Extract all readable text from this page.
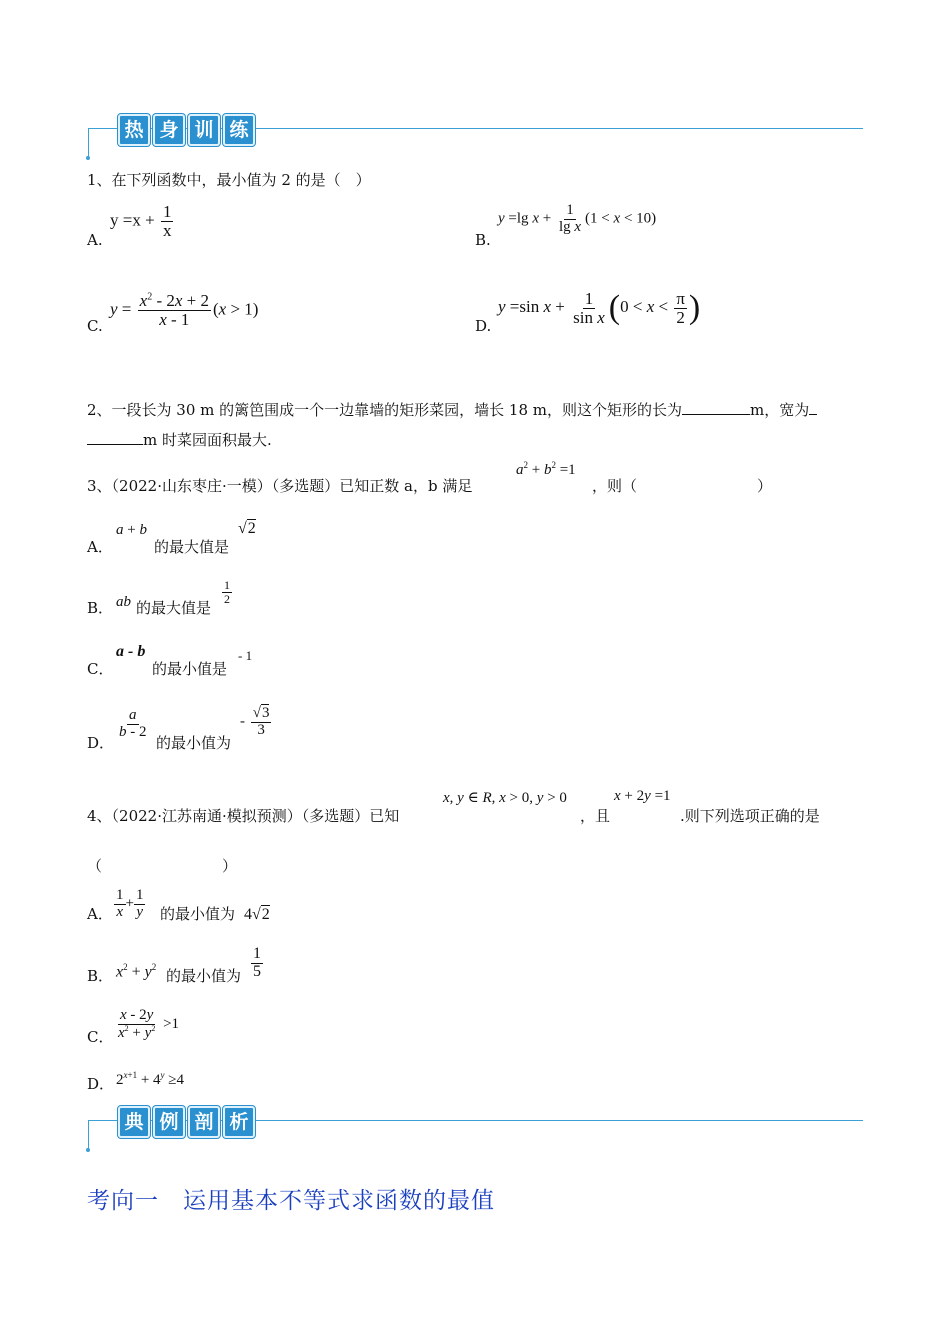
热 身 训 练
1、在下列函数中，最小值为 2 的是（　）
A.
$y =x + \frac{1}{x}$
B.
y =lg $x + \frac{1}{\text{lg x}} (1 < x < 10)$
C.
$y = \frac{x^2 - 2x + 2}{x - 1} (x > 1)$
D.
y =sin $x + \frac{1}{\text{sin x}} (0 < x < \frac{\pi}{2}$ )
2、一段长为 30 m 的篱笆围成一个一边靠墙的矩形菜园，墙长 18 m，则这个矩形的长为	m，宽为
m 时菜园面积最大.
3、（2022·山东枣庄·一模）（多选题）已知正数 a，b 满足
$a^2 + b^2 =1$
，则（　　　　　　　　）
A．
a + b
的最大值是
√2
B． ab 的最大值是
$\frac{1}{2}$
C．
a - b
的最小值是
- 1
D．
$\frac{a}{b - 2}$
的最小值为
- $\frac{√3}{3}$
4、（2022·江苏南通·模拟预测）（多选题）已知
x, y ∈ R, x > 0, y > 0
，且
x + 2y =1
.则下列选项正确的是
（　　　　　　　　）
A． $\frac{1}{x} + \frac{1}{y}$ 的最小值为 4√2
B． $x^2 + y^2$ 的最小值为 $\frac{1}{5}$
C． $\frac{x - 2y}{x^2 + y^2} >1$
D． $2^{x+1} + 4^y \ge 4$
典 例 剖 析
考向一　运用基本不等式求函数的最值
